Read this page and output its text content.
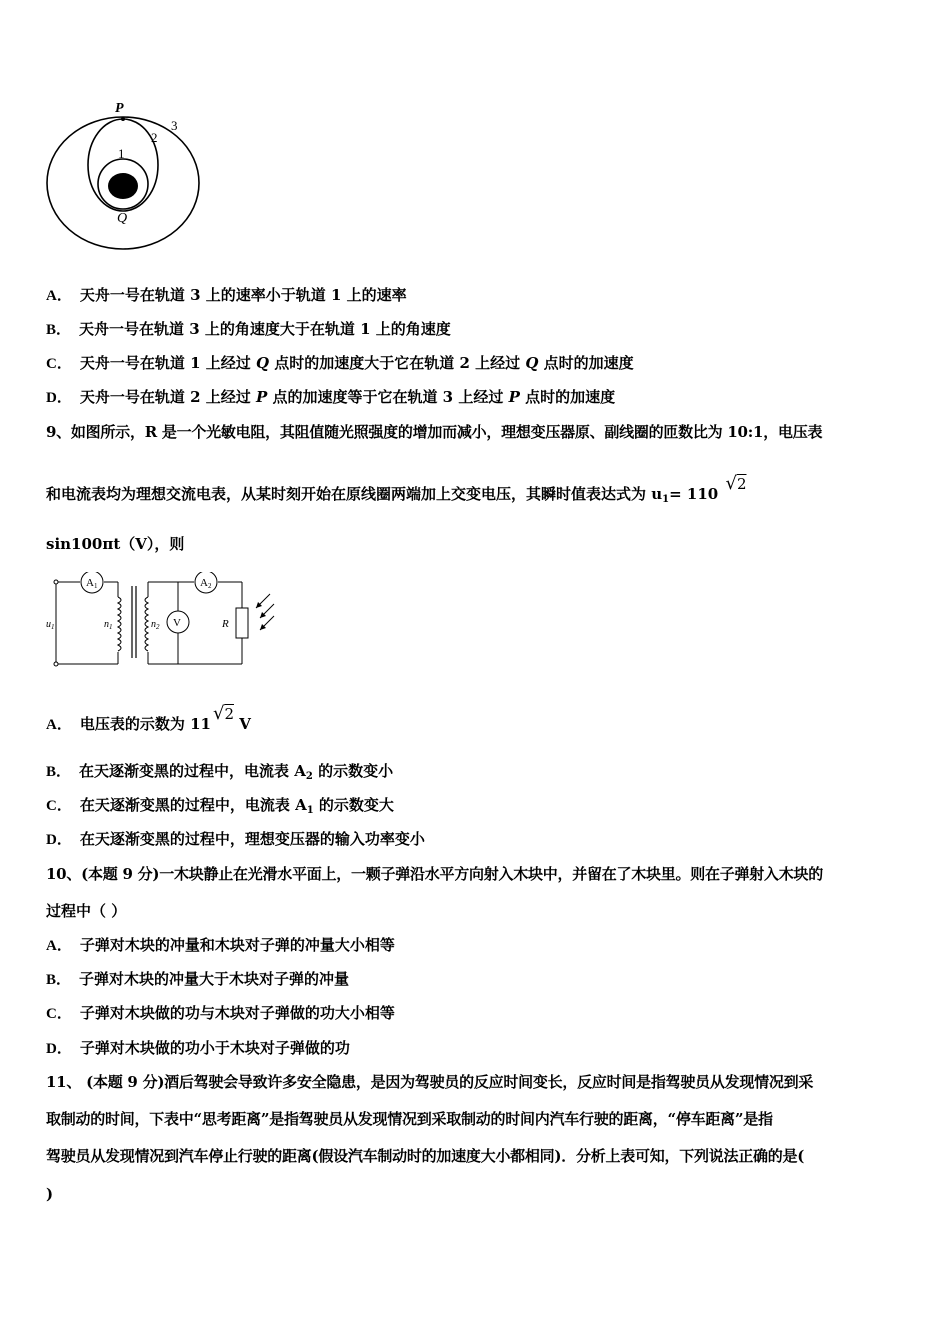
P
Q
1
2
3
A． 天舟一号在轨道 3 上的速率小于轨道 1 上的速率
B． 天舟一号在轨道 3 上的角速度大于在轨道 1 上的角速度
C． 天舟一号在轨道 1 上经过 Q 点时的加速度大于它在轨道 2 上经过 Q 点时的加速度
D． 天舟一号在轨道 2 上经过 P 点的加速度等于它在轨道 3 上经过 P 点时的加速度
9、如图所示，R 是一个光敏电阻，其阻值随光照强度的增加而减小，理想变压器原、副线圈的匝数比为 10:1，电压表
和电流表均为理想交流电表，从某时刻开始在原线圈两端加上交变电压，其瞬时值表达式为 $u_1= 110$ √2
sin100πt（V），则
A1	A2
V
$u_1$	$n_1$	$n_2$	R
A． 电压表的示数为 11 √2 V
B． 在天逐渐变黑的过程中，电流表 $A_2$ 的示数变小
C． 在天逐渐变黑的过程中，电流表 $A_1$ 的示数变大
D． 在天逐渐变黑的过程中，理想变压器的输入功率变小
10、(本题 9 分)一木块静止在光滑水平面上，一颗子弹沿水平方向射入木块中，并留在了木块里。则在子弹射入木块的
过程中（ ）
A． 子弹对木块的冲量和木块对子弹的冲量大小相等
B． 子弹对木块的冲量大于木块对子弹的冲量
C． 子弹对木块做的功与木块对子弹做的功大小相等
D． 子弹对木块做的功小于木块对子弹做的功
11、 (本题 9 分)酒后驾驶会导致许多安全隐患，是因为驾驶员的反应时间变长，反应时间是指驾驶员从发现情况到采
取制动的时间，下表中“思考距离”是指驾驶员从发现情况到采取制动的时间内汽车行驶的距离，“停车距离”是指
驾驶员从发现情况到汽车停止行驶的距离(假设汽车制动时的加速度大小都相同)．分析上表可知，下列说法正确的是(
)
